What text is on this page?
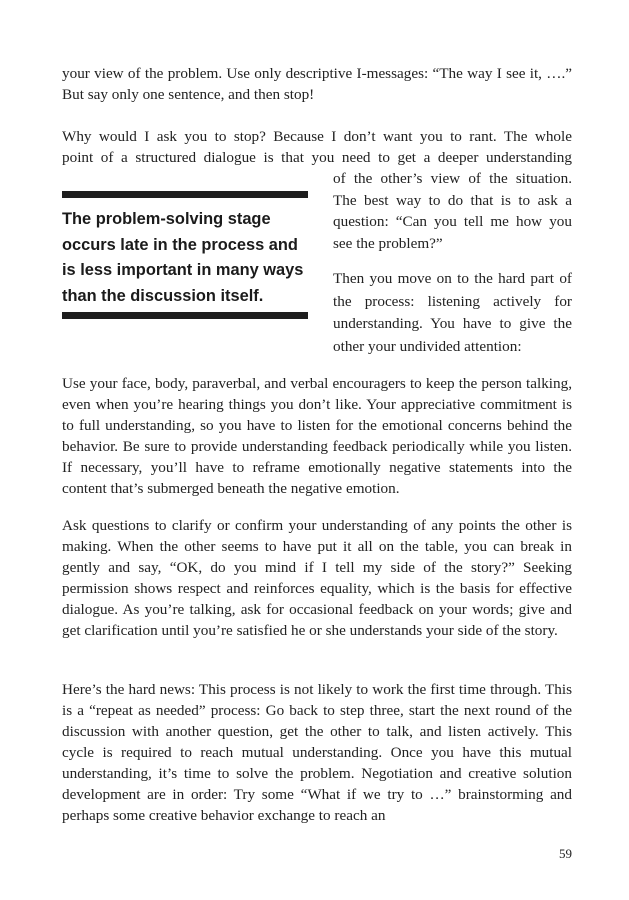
your view of the problem. Use only descriptive I-messages: “The way I see it, ….” But say only one sentence, and then stop!

Why would I ask you to stop? Because I don’t want you to rant. The whole

point of a structured dialogue is that you need to get a deeper understanding

of the other’s view of the situation. The best way to do that is to ask a question: “Can you tell me how you see the problem?”

The problem-solving stage occurs late in the process and is less important in many ways than the discussion itself.

Then you move on to the hard part of the process: listening actively for understanding. You have to give the other your undivided attention:

Use your face, body, paraverbal, and verbal encouragers to keep the person talking, even when you’re hearing things you don’t like. Your appreciative commitment is to full understanding, so you have to listen for the emotional concerns behind the behavior. Be sure to provide understanding feedback periodically while you listen. If necessary, you’ll have to reframe emotionally negative statements into the content that’s submerged beneath the negative emotion.

Ask questions to clarify or confirm your understanding of any points the other is making. When the other seems to have put it all on the table, you can break in gently and say, “OK, do you mind if I tell my side of the story?” Seeking permission shows respect and reinforces equality, which is the basis for effective dialogue. As you’re talking, ask for occasional feedback on your words; give and get clarification until you’re satisfied he or she understands your side of the story.

Here’s the hard news: This process is not likely to work the first time through. This is a “repeat as needed” process: Go back to step three, start the next round of the discussion with another question, get the other to talk, and listen actively. This cycle is required to reach mutual understanding. Once you have this mutual understanding, it’s time to solve the problem. Negotiation and creative solution development are in order: Try some “What if we try to …” brainstorming and perhaps some creative behavior exchange to reach an

59
